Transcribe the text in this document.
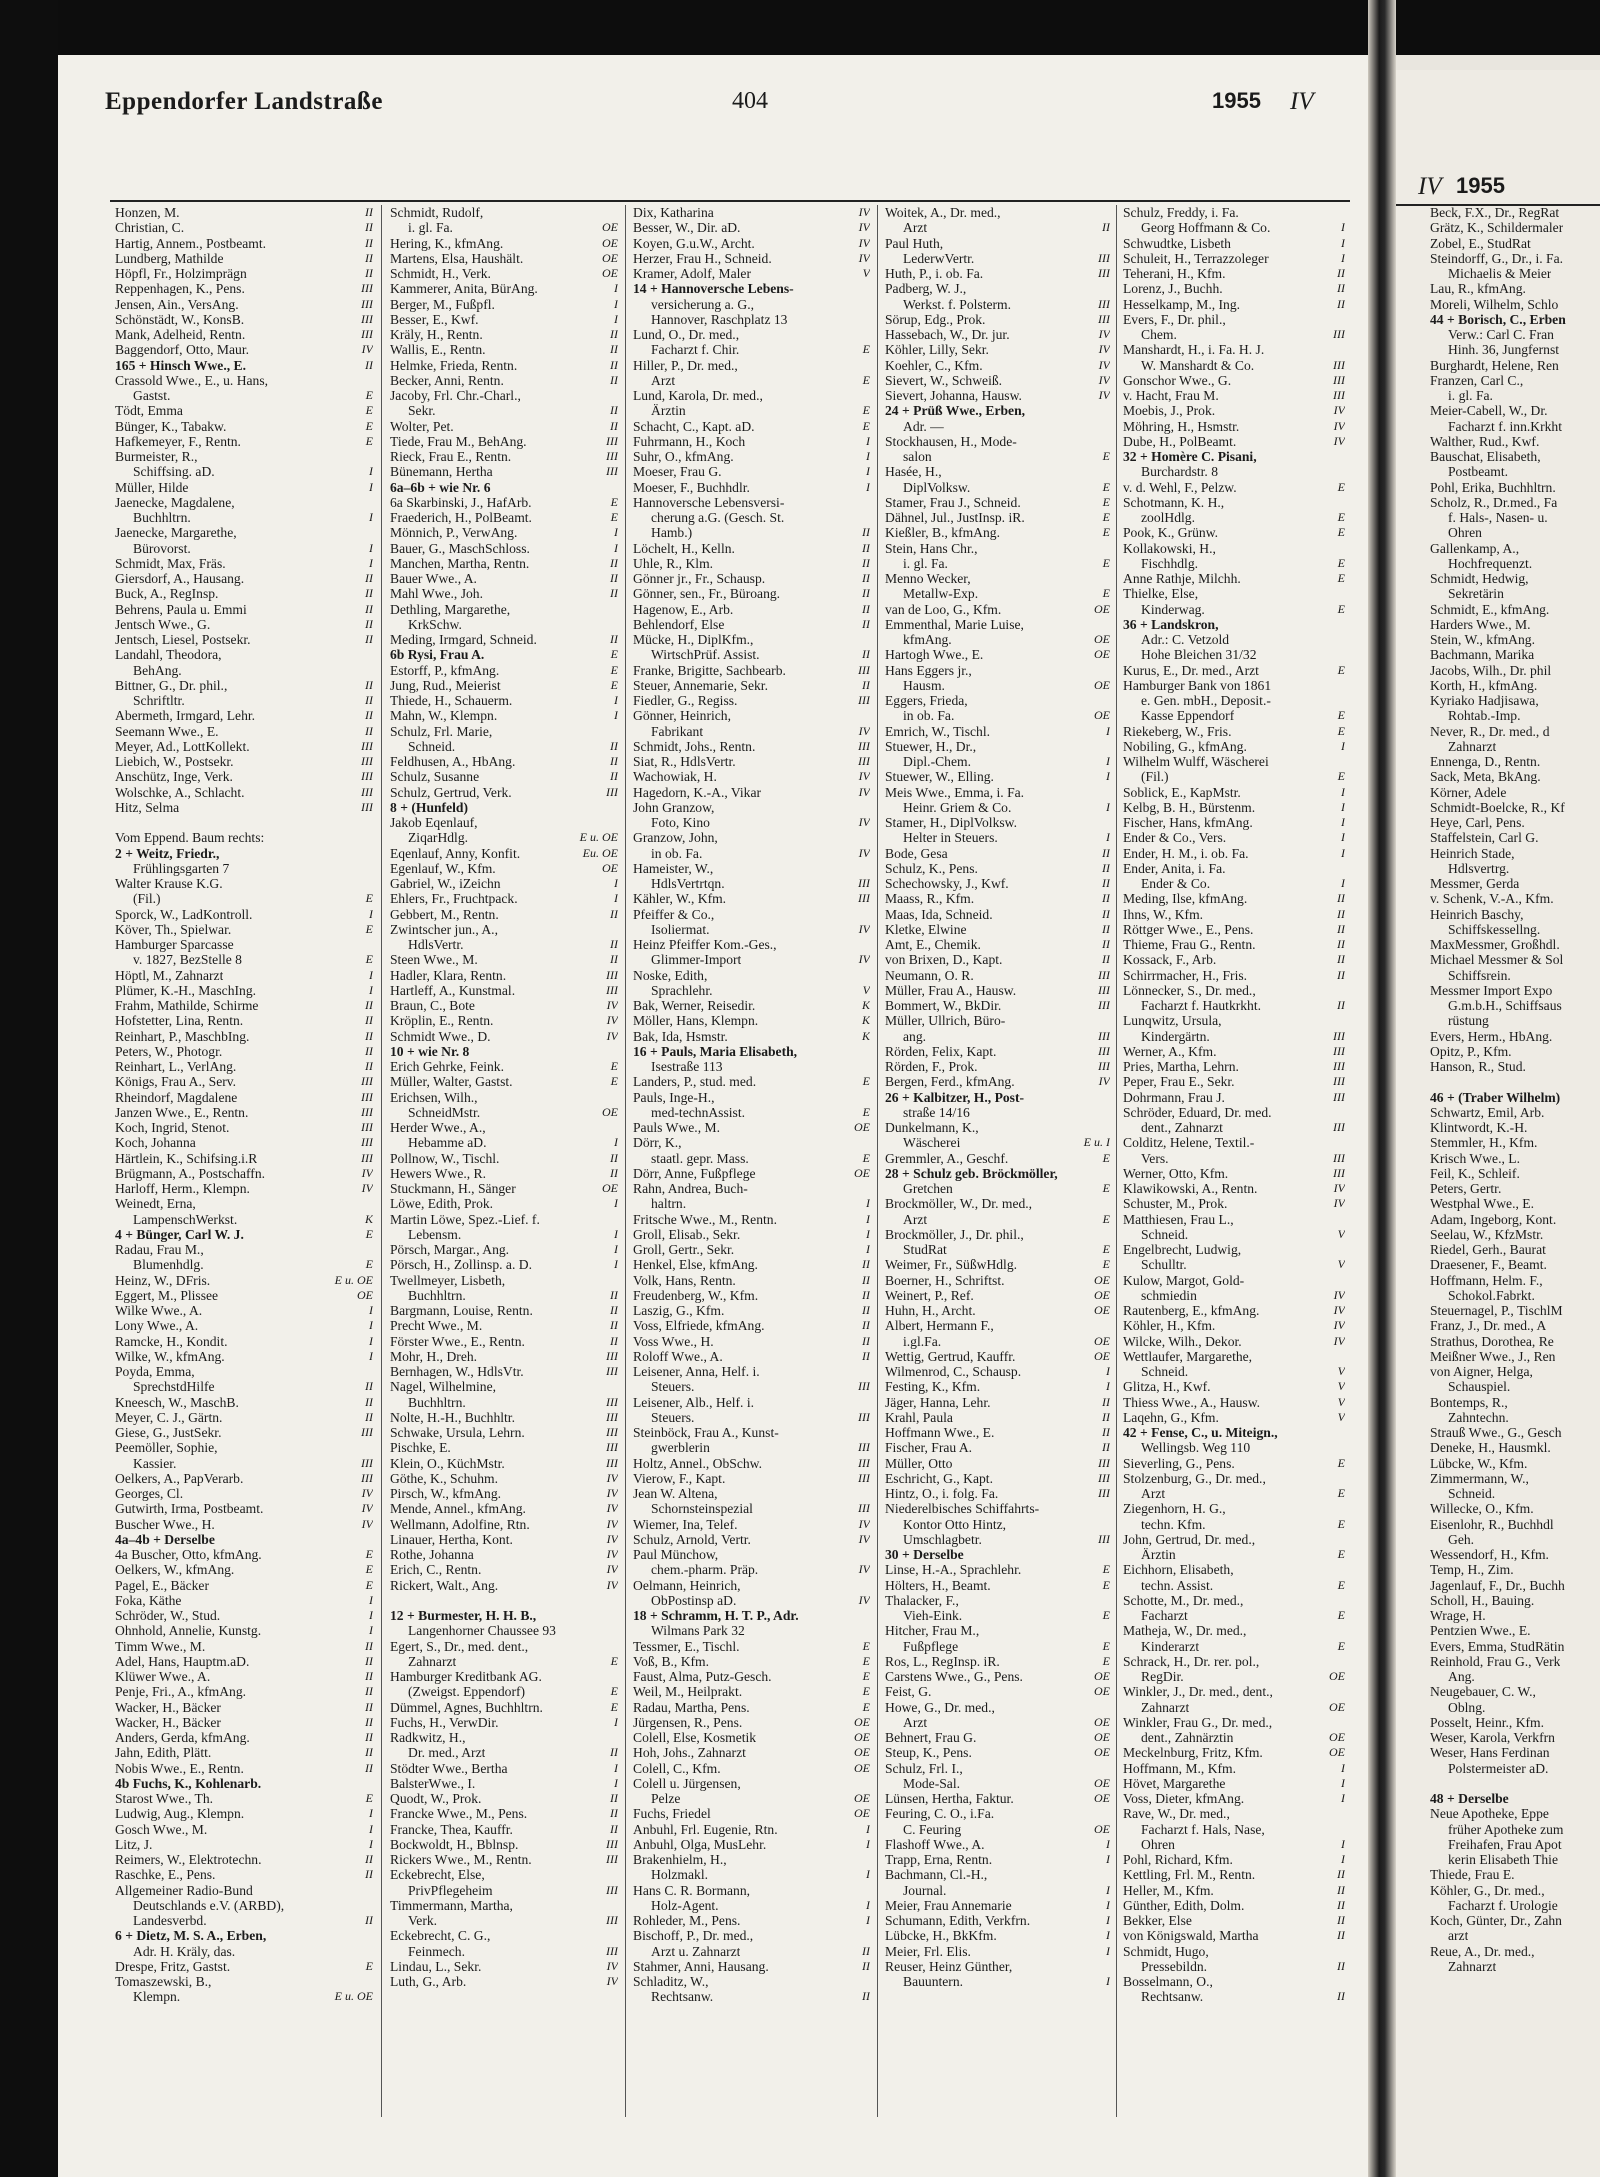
IV 1955
Eppendorfer Landstraße	404	1955 IV
Honzen, M.	II
Christian, C.	II
Hartig, Annem., Postbeamt.	II
Lundberg, Mathilde	II
Höpfl, Fr., Holzimprägn	II
Reppenhagen, K., Pens.	III
Jensen, Ain., VersAng.	III
Schönstädt, W., KonsB.	III
Mank, Adelheid, Rentn.	III
Baggendorf, Otto, Maur.	IV
165 + Hinsch Wwe., E.	II
Crassold Wwe., E., u. Hans,
Gastst.	E
Tödt, Emma	E
Bünger, K., Tabakw.	E
Hafkemeyer, F., Rentn.	E
Burmeister, R.,
Schiffsing. aD.	I
Müller, Hilde	I
Jaenecke, Magdalene,
Buchhltrn.	I
Jaenecke, Margarethe,
Bürovorst.	I
Schmidt, Max, Fräs.	I
Giersdorf, A., Hausang.	II
Buck, A., RegInsp.	II
Behrens, Paula u. Emmi	II
Jentsch Wwe., G.	II
Jentsch, Liesel, Postsekr.	II
Landahl, Theodora,
BehAng.
Bittner, G., Dr. phil.,	II
Schriftltr.	II
Abermeth, Irmgard, Lehr.	II
Seemann Wwe., E.	II
Meyer, Ad., LottKollekt.	III
Liebich, W., Postsekr.	III
Anschütz, Inge, Verk.	III
Wolschke, A., Schlacht.	III
Hitz, Selma	III
Vom Eppend. Baum rechts:
2 + Weitz, Friedr.,
Frühlingsgarten 7
Walter Krause K.G.
(Fil.)	E
Sporck, W., LadKontroll.	I
Köver, Th., Spielwar.	E
Hamburger Sparcasse
v. 1827, BezStelle 8	E
Höptl, M., Zahnarzt	I
Plümer, K.-H., MaschIng.	I
Frahm, Mathilde, Schirme	II
Hofstetter, Lina, Rentn.	II
Reinhart, P., MaschbIng.	II
Peters, W., Photogr.	II
Reinhart, L., VerlAng.	II
Königs, Frau A., Serv.	III
Rheindorf, Magdalene	III
Janzen Wwe., E., Rentn.	III
Koch, Ingrid, Stenot.	III
Koch, Johanna	III
Härtlein, K., Schifsing.i.R	III
Brügmann, A., Postschaffn.	IV
Harloff, Herm., Klempn.	IV
Weinedt, Erna,
LampenschWerkst.	K
4 + Bünger, Carl W. J.	E
Radau, Frau M.,
Blumenhdlg.	E
Heinz, W., DFris.	E u. OE
Eggert, M., Plissee	OE
Wilke Wwe., A.	I
Lony Wwe., A.	I
Ramcke, H., Kondit.	I
Wilke, W., kfmAng.	I
Poyda, Emma,
SprechstdHilfe	II
Kneesch, W., MaschB.	II
Meyer, C. J., Gärtn.	II
Giese, G., JustSekr.	III
Peemöller, Sophie,
Kassier.	III
Oelkers, A., PapVerarb.	III
Georges, Cl.	IV
Gutwirth, Irma, Postbeamt.	IV
Buscher Wwe., H.	IV
4a–4b + Derselbe
4a Buscher, Otto, kfmAng.	E
Oelkers, W., kfmAng.	E
Pagel, E., Bäcker	E
Foka, Käthe	I
Schröder, W., Stud.	I
Ohnhold, Annelie, Kunstg.	I
Timm Wwe., M.	II
Adel, Hans, Hauptm.aD.	II
Klüwer Wwe., A.	II
Penje, Fri., A., kfmAng.	II
Wacker, H., Bäcker	II
Wacker, H., Bäcker	II
Anders, Gerda, kfmAng.	II
Jahn, Edith, Plätt.	II
Nobis Wwe., E., Rentn.	II
4b Fuchs, K., Kohlenarb.
Starost Wwe., Th.	E
Ludwig, Aug., Klempn.	I
Gosch Wwe., M.	I
Litz, J.	I
Reimers, W., Elektrotechn.	II
Raschke, E., Pens.	II
Allgemeiner Radio-Bund
Deutschlands e.V. (ARBD),
Landesverbd.	II
6 + Dietz, M. S. A., Erben,
Adr. H. Kräly, das.
Drespe, Fritz, Gastst.	E
Tomaszewski, B.,
Klempn.	E u. OE
Schmidt, Rudolf,
i. gl. Fa.	OE
Hering, K., kfmAng.	OE
Martens, Elsa, Haushält.	OE
Schmidt, H., Verk.	OE
Kammerer, Anita, BürAng.	I
Berger, M., Fußpfl.	I
Besser, E., Kwf.	I
Kräly, H., Rentn.	II
Wallis, E., Rentn.	II
Helmke, Frieda, Rentn.	II
Becker, Anni, Rentn.	II
Jacoby, Frl. Chr.-Charl.,
Sekr.	II
Wolter, Pet.	II
Tiede, Frau M., BehAng.	III
Rieck, Frau E., Rentn.	III
Bünemann, Hertha	III
6a–6b + wie Nr. 6
6a Skarbinski, J., HafArb.	E
Fraederich, H., PolBeamt.	E
Mönnich, P., VerwAng.	I
Bauer, G., MaschSchloss.	I
Manchen, Martha, Rentn.	II
Bauer Wwe., A.	II
Mahl Wwe., Joh.	II
Dethling, Margarethe,
KrkSchw.
Meding, Irmgard, Schneid.	II
6b Rysi, Frau A.	E
Estorff, P., kfmAng.	E
Jung, Rud., Meierist	E
Thiede, H., Schauerm.	I
Mahn, W., Klempn.	I
Schulz, Frl. Marie,
Schneid.	II
Feldhusen, A., HbAng.	II
Schulz, Susanne	II
Schulz, Gertrud, Verk.	III
8 + (Hunfeld)
Jakob Eqenlauf,
ZiqarHdlg.	E u. OE
Eqenlauf, Anny, Konfit.	Eu. OE
Egenlauf, W., Kfm.	OE
Gabriel, W., iZeichn	I
Ehlers, Fr., Fruchtpack.	I
Gebbert, M., Rentn.	II
Zwintscher jun., A.,
HdlsVertr.	II
Steen Wwe., M.	II
Hadler, Klara, Rentn.	III
Hartleff, A., Kunstmal.	III
Braun, C., Bote	IV
Kröplin, E., Rentn.	IV
Schmidt Wwe., D.	IV
10 + wie Nr. 8
Erich Gehrke, Feink.	E
Müller, Walter, Gastst.	E
Erichsen, Wilh.,
SchneidMstr.	OE
Herder Wwe., A.,
Hebamme aD.	I
Pollnow, W., Tischl.	II
Hewers Wwe., R.	II
Stuckmann, H., Sänger	OE
Löwe, Edith, Prok.	I
Martin Löwe, Spez.-Lief. f.
Lebensm.	I
Pörsch, Margar., Ang.	I
Pörsch, H., Zollinsp. a. D.	I
Twellmeyer, Lisbeth,
Buchhltrn.	II
Bargmann, Louise, Rentn.	II
Precht Wwe., M.	II
Förster Wwe., E., Rentn.	II
Mohr, H., Dreh.	III
Bernhagen, W., HdlsVtr.	III
Nagel, Wilhelmine,
Buchhltrn.	III
Nolte, H.-H., Buchhltr.	III
Schwake, Ursula, Lehrn.	III
Pischke, E.	III
Klein, O., KüchMstr.	III
Göthe, K., Schuhm.	IV
Pirsch, W., kfmAng.	IV
Mende, Annel., kfmAng.	IV
Wellmann, Adolfine, Rtn.	IV
Linauer, Hertha, Kont.	IV
Rothe, Johanna	IV
Erich, C., Rentn.	IV
Rickert, Walt., Ang.	IV
12 + Burmester, H. H. B.,
Langenhorner Chaussee 93
Egert, S., Dr., med. dent.,
Zahnarzt	E
Hamburger Kreditbank AG.
(Zweigst. Eppendorf)	E
Dümmel, Agnes, Buchhltrn.	E
Fuchs, H., VerwDir.	I
Radkwitz, H.,
Dr. med., Arzt	II
Stödter Wwe., Bertha	I
BalsterWwe., I.	I
Quodt, W., Prok.	II
Francke Wwe., M., Pens.	II
Francke, Thea, Kauffr.	II
Bockwoldt, H., Bblnsp.	III
Rickers Wwe., M., Rentn.	III
Eckebrecht, Else,
PrivPflegeheim	III
Timmermann, Martha,
Verk.	III
Eckebrecht, C. G.,
Feinmech.	III
Lindau, L., Sekr.	IV
Luth, G., Arb.	IV
Dix, Katharina	IV
Besser, W., Dir. aD.	IV
Koyen, G.u.W., Archt.	IV
Herzer, Frau H., Schneid.	IV
Kramer, Adolf, Maler	V
14 + Hannoversche Lebens-
versicherung a. G.,
Hannover, Raschplatz 13
Lund, O., Dr. med.,
Facharzt f. Chir.	E
Hiller, P., Dr. med.,
Arzt	E
Lund, Karola, Dr. med.,
Ärztin	E
Schacht, C., Kapt. aD.	E
Fuhrmann, H., Koch	I
Suhr, O., kfmAng.	I
Moeser, Frau G.	I
Moeser, F., Buchhdlr.	I
Hannoversche Lebensversi-
cherung a.G. (Gesch. St.
Hamb.)	II
Löchelt, H., Kelln.	II
Uhle, R., Klm.	II
Gönner jr., Fr., Schausp.	II
Gönner, sen., Fr., Büroang.	II
Hagenow, E., Arb.	II
Behlendorf, Else	II
Mücke, H., DiplKfm.,
WirtschPrüf. Assist.	II
Franke, Brigitte, Sachbearb.	III
Steuer, Annemarie, Sekr.	II
Fiedler, G., Regiss.	III
Gönner, Heinrich,
Fabrikant	IV
Schmidt, Johs., Rentn.	III
Siat, R., HdlsVertr.	III
Wachowiak, H.	IV
Hagedorn, K.-A., Vikar	IV
John Granzow,
Foto, Kino	IV
Granzow, John,
in ob. Fa.	IV
Hameister, W.,
HdlsVertrtqn.	III
Kähler, W., Kfm.	III
Pfeiffer & Co.,
Isoliermat.	IV
Heinz Pfeiffer Kom.-Ges.,
Glimmer-Import	IV
Noske, Edith,
Sprachlehr.	V
Bak, Werner, Reisedir.	K
Möller, Hans, Klempn.	K
Bak, Ida, Hsmstr.	K
16 + Pauls, Maria Elisabeth,
Isestraße 113
Landers, P., stud. med.	E
Pauls, Inge-H.,
med-technAssist.	E
Pauls Wwe., M.	OE
Dörr, K.,
staatl. gepr. Mass.	E
Dörr, Anne, Fußpflege	OE
Rahn, Andrea, Buch-
haltrn.	I
Fritsche Wwe., M., Rentn.	I
Groll, Elisab., Sekr.	I
Groll, Gertr., Sekr.	I
Henkel, Else, kfmAng.	II
Volk, Hans, Rentn.	II
Freudenberg, W., Kfm.	II
Laszig, G., Kfm.	II
Voss, Elfriede, kfmAng.	II
Voss Wwe., H.	II
Roloff Wwe., A.	II
Leisener, Anna, Helf. i.
Steuers.	III
Leisener, Alb., Helf. i.
Steuers.	III
Steinböck, Frau A., Kunst-
gwerblerin	III
Holtz, Annel., ObSchw.	III
Vierow, F., Kapt.	III
Jean W. Altena,
Schornsteinspezial	III
Wiemer, Ina, Telef.	IV
Schulz, Arnold, Vertr.	IV
Paul Münchow,
chem.-pharm. Präp.	IV
Oelmann, Heinrich,
ObPostinsp aD.	IV
18 + Schramm, H. T. P., Adr.
Wilmans Park 32
Tessmer, E., Tischl.	E
Voß, B., Kfm.	E
Faust, Alma, Putz-Gesch.	E
Weil, M., Heilprakt.	E
Radau, Martha, Pens.	E
Jürgensen, R., Pens.	OE
Colell, Else, Kosmetik	OE
Hoh, Johs., Zahnarzt	OE
Colell, C., Kfm.	OE
Colell u. Jürgensen,
Pelze	OE
Fuchs, Friedel	OE
Anbuhl, Frl. Eugenie, Rtn.	I
Anbuhl, Olga, MusLehr.	I
Brakenhielm, H.,
Holzmakl.	I
Hans C. R. Bormann,
Holz-Agent.	I
Rohleder, M., Pens.	I
Bischoff, P., Dr. med.,
Arzt u. Zahnarzt	II
Stahmer, Anni, Hausang.	II
Schladitz, W.,
Rechtsanw.	II
Woitek, A., Dr. med.,
Arzt	II
Paul Huth,
LederwVertr.	III
Huth, P., i. ob. Fa.	III
Padberg, W. J.,
Werkst. f. Polsterm.	III
Sörup, Edg., Prok.	III
Hassebach, W., Dr. jur.	IV
Köhler, Lilly, Sekr.	IV
Koehler, C., Kfm.	IV
Sievert, W., Schweiß.	IV
Sievert, Johanna, Hausw.	IV
24 + Prüß Wwe., Erben,
Adr. —
Stockhausen, H., Mode-
salon	E
Hasée, H.,
DiplVolksw.	E
Stamer, Frau J., Schneid.	E
Dähnel, Jul., JustInsp. iR.	E
Kießler, B., kfmAng.	E
Stein, Hans Chr.,
i. gl. Fa.	E
Menno Wecker,
Metallw-Exp.	E
van de Loo, G., Kfm.	OE
Emmenthal, Marie Luise,
kfmAng.	OE
Hartogh Wwe., E.	OE
Hans Eggers jr.,
Hausm.	OE
Eggers, Frieda,
in ob. Fa.	OE
Emrich, W., Tischl.	I
Stuewer, H., Dr.,
Dipl.-Chem.	I
Stuewer, W., Elling.	I
Meis Wwe., Emma, i. Fa.
Heinr. Griem & Co.	I
Stamer, H., DiplVolksw.
Helter in Steuers.	I
Bode, Gesa	II
Schulz, K., Pens.	II
Schechowsky, J., Kwf.	II
Maass, R., Kfm.	II
Maas, Ida, Schneid.	II
Kletke, Elwine	II
Amt, E., Chemik.	II
von Brixen, D., Kapt.	II
Neumann, O. R.	III
Müller, Frau A., Hausw.	III
Bommert, W., BkDir.	III
Müller, Ullrich, Büro-
ang.	III
Rörden, Felix, Kapt.	III
Rörden, F., Prok.	III
Bergen, Ferd., kfmAng.	IV
26 + Kalbitzer, H., Post-
straße 14/16
Dunkelmann, K.,
Wäscherei	E u. I
Gremmler, A., Geschf.	E
28 + Schulz geb. Bröckmöller,
Gretchen	E
Brockmöller, W., Dr. med.,
Arzt	E
Brockmöller, J., Dr. phil.,
StudRat	E
Weimer, Fr., SüßwHdlg.	E
Boerner, H., Schriftst.	OE
Weinert, P., Ref.	OE
Huhn, H., Archt.	OE
Albert, Hermann F.,
i.gl.Fa.	OE
Wettig, Gertrud, Kauffr.	OE
Wilmenrod, C., Schausp.	I
Festing, K., Kfm.	I
Jäger, Hanna, Lehr.	II
Krahl, Paula	II
Hoffmann Wwe., E.	II
Fischer, Frau A.	II
Müller, Otto	III
Eschricht, G., Kapt.	III
Hintz, O., i. folg. Fa.	III
Niederelbisches Schiffahrts-
Kontor Otto Hintz,
Umschlagbetr.	III
30 + Derselbe
Linse, H.-A., Sprachlehr.	E
Hölters, H., Beamt.	E
Thalacker, F.,
Vieh-Eink.	E
Hitcher, Frau M.,
Fußpflege	E
Ros, L., RegInsp. iR.	E
Carstens Wwe., G., Pens.	OE
Feist, G.	OE
Howe, G., Dr. med.,
Arzt	OE
Behnert, Frau G.	OE
Steup, K., Pens.	OE
Schulz, Frl. I.,
Mode-Sal.	OE
Lünsen, Hertha, Faktur.	OE
Feuring, C. O., i.Fa.
C. Feuring	OE
Flashoff Wwe., A.	I
Trapp, Erna, Rentn.	I
Bachmann, Cl.-H.,
Journal.	I
Meier, Frau Annemarie	I
Schumann, Edith, Verkfrn.	I
Lübcke, H., BkKfm.	I
Meier, Frl. Elis.	I
Reuser, Heinz Günther,
Bauuntern.	I
Schulz, Freddy, i. Fa.
Georg Hoffmann & Co.	I
Schwudtke, Lisbeth	I
Schuleit, H., Terrazzoleger	I
Teherani, H., Kfm.	II
Lorenz, J., Buchh.	II
Hesselkamp, M., Ing.	II
Evers, F., Dr. phil.,
Chem.	III
Manshardt, H., i. Fa. H. J.
W. Manshardt & Co.	III
Gonschor Wwe., G.	III
v. Hacht, Frau M.	III
Moebis, J., Prok.	IV
Möhring, H., Hsmstr.	IV
Dube, H., PolBeamt.	IV
32 + Homère C. Pisani,
Burchardstr. 8
v. d. Wehl, F., Pelzw.	E
Schotmann, K. H.,
zoolHdlg.	E
Pook, K., Grünw.	E
Kollakowski, H.,
Fischhdlg.	E
Anne Rathje, Milchh.	E
Thielke, Else,
Kinderwag.	E
36 + Landskron,
Adr.: C. Vetzold
Hohe Bleichen 31/32
Kurus, E., Dr. med., Arzt	E
Hamburger Bank von 1861
e. Gen. mbH., Deposit.-
Kasse Eppendorf	E
Riekeberg, W., Fris.	E
Nobiling, G., kfmAng.	I
Wilhelm Wulff, Wäscherei
(Fil.)	E
Soblick, E., KapMstr.	I
Kelbg, B. H., Bürstenm.	I
Fischer, Hans, kfmAng.	I
Ender & Co., Vers.	I
Ender, H. M., i. ob. Fa.	I
Ender, Anita, i. Fa.
Ender & Co.	I
Meding, Ilse, kfmAng.	II
Ihns, W., Kfm.	II
Röttger Wwe., E., Pens.	II
Thieme, Frau G., Rentn.	II
Kossack, F., Arb.	II
Schirrmacher, H., Fris.	II
Lönnecker, S., Dr. med.,
Facharzt f. Hautkrkht.	II
Lunqwitz, Ursula,
Kindergärtn.	III
Werner, A., Kfm.	III
Pries, Martha, Lehrn.	III
Peper, Frau E., Sekr.	III
Dohrmann, Frau J.	III
Schröder, Eduard, Dr. med.
dent., Zahnarzt	III
Colditz, Helene, Textil.-
Vers.	III
Werner, Otto, Kfm.	III
Klawikowski, A., Rentn.	IV
Schuster, M., Prok.	IV
Matthiesen, Frau L.,
Schneid.	V
Engelbrecht, Ludwig,
Schulltr.	V
Kulow, Margot, Gold-
schmiedin	IV
Rautenberg, E., kfmAng.	IV
Köhler, H., Kfm.	IV
Wilcke, Wilh., Dekor.	IV
Wettlaufer, Margarethe,
Schneid.	V
Glitza, H., Kwf.	V
Thiess Wwe., A., Hausw.	V
Laqehn, G., Kfm.	V
42 + Fense, C., u. Miteign.,
Wellingsb. Weg 110
Sieverling, G., Pens.	E
Stolzenburg, G., Dr. med.,
Arzt	E
Ziegenhorn, H. G.,
techn. Kfm.	E
John, Gertrud, Dr. med.,
Ärztin	E
Eichhorn, Elisabeth,
techn. Assist.	E
Schotte, M., Dr. med.,
Facharzt	E
Matheja, W., Dr. med.,
Kinderarzt	E
Schrack, H., Dr. rer. pol.,
RegDir.	OE
Winkler, J., Dr. med., dent.,
Zahnarzt	OE
Winkler, Frau G., Dr. med.,
dent., Zahnärztin	OE
Meckelnburg, Fritz, Kfm.	OE
Hoffmann, M., Kfm.	I
Hövet, Margarethe	I
Voss, Dieter, kfmAng.	I
Rave, W., Dr. med.,
Facharzt f. Hals, Nase,
Ohren	I
Pohl, Richard, Kfm.	I
Kettling, Frl. M., Rentn.	II
Heller, M., Kfm.	II
Günther, Edith, Dolm.	II
Bekker, Else	II
von Königswald, Martha	II
Schmidt, Hugo,
Pressebildn.	II
Bosselmann, O.,
Rechtsanw.	II
Beck, F.X., Dr., RegRat
Grätz, K., Schildermaler
Zobel, E., StudRat
Steindorff, G., Dr., i. Fa.
Michaelis & Meier
Lau, R., kfmAng.
Moreli, Wilhelm, Schlo
44 + Borisch, C., Erben
Verw.: Carl C. Fran
Hinh. 36, Jungfernst
Burghardt, Helene, Ren
Franzen, Carl C.,
i. gl. Fa.
Meier-Cabell, W., Dr.
Facharzt f. inn.Krkht
Walther, Rud., Kwf.
Bauschat, Elisabeth,
Postbeamt.
Pohl, Erika, Buchhltrn.
Scholz, R., Dr.med., Fa
f. Hals-, Nasen- u.
Ohren
Gallenkamp, A.,
Hochfrequenzt.
Schmidt, Hedwig,
Sekretärin
Schmidt, E., kfmAng.
Harders Wwe., M.
Stein, W., kfmAng.
Bachmann, Marika
Jacobs, Wilh., Dr. phil
Korth, H., kfmAng.
Kyriako Hadjisawa,
Rohtab.-Imp.
Never, R., Dr. med., d
Zahnarzt
Ennenga, D., Rentn.
Sack, Meta, BkAng.
Körner, Adele
Schmidt-Boelcke, R., Kf
Heye, Carl, Pens.
Staffelstein, Carl G.
Heinrich Stade,
Hdlsvertrg.
Messmer, Gerda
v. Schenk, V.-A., Kfm.
Heinrich Baschy,
Schiffskessellng.
MaxMessmer, Großhdl.
Michael Messmer & Sol
Schiffsrein.
Messmer Import Expo
G.m.b.H., Schiffsaus
rüstung
Evers, Herm., HbAng.
Opitz, P., Kfm.
Hanson, R., Stud.
46 + (Traber Wilhelm)
Schwartz, Emil, Arb.
Klintwordt, K.-H.
Stemmler, H., Kfm.
Krisch Wwe., L.
Feil, K., Schleif.
Peters, Gertr.
Westphal Wwe., E.
Adam, Ingeborg, Kont.
Seelau, W., KfzMstr.
Riedel, Gerh., Baurat
Draesener, F., Beamt.
Hoffmann, Helm. F.,
Schokol.Fabrkt.
Steuernagel, P., TischlM
Franz, J., Dr. med., A
Strathus, Dorothea, Re
Meißner Wwe., J., Ren
von Aigner, Helga,
Schauspiel.
Bontemps, R.,
Zahntechn.
Strauß Wwe., G., Gesch
Deneke, H., Hausmkl.
Lübcke, W., Kfm.
Zimmermann, W.,
Schneid.
Willecke, O., Kfm.
Eisenlohr, R., Buchhdl
Geh.
Wessendorf, H., Kfm.
Temp, H., Zim.
Jagenlauf, F., Dr., Buchh
Scholl, H., Bauing.
Wrage, H.
Pentzien Wwe., E.
Evers, Emma, StudRätin
Reinhold, Frau G., Verk
Ang.
Neugebauer, C. W.,
Oblng.
Posselt, Heinr., Kfm.
Weser, Karola, Verkfrn
Weser, Hans Ferdinan
Polstermeister aD.
48 + Derselbe
Neue Apotheke, Eppe
früher Apotheke zum
Freihafen, Frau Apot
kerin Elisabeth Thie
Thiede, Frau E.
Köhler, G., Dr. med.,
Facharzt f. Urologie
Koch, Günter, Dr., Zahn
arzt
Reue, A., Dr. med.,
Zahnarzt
